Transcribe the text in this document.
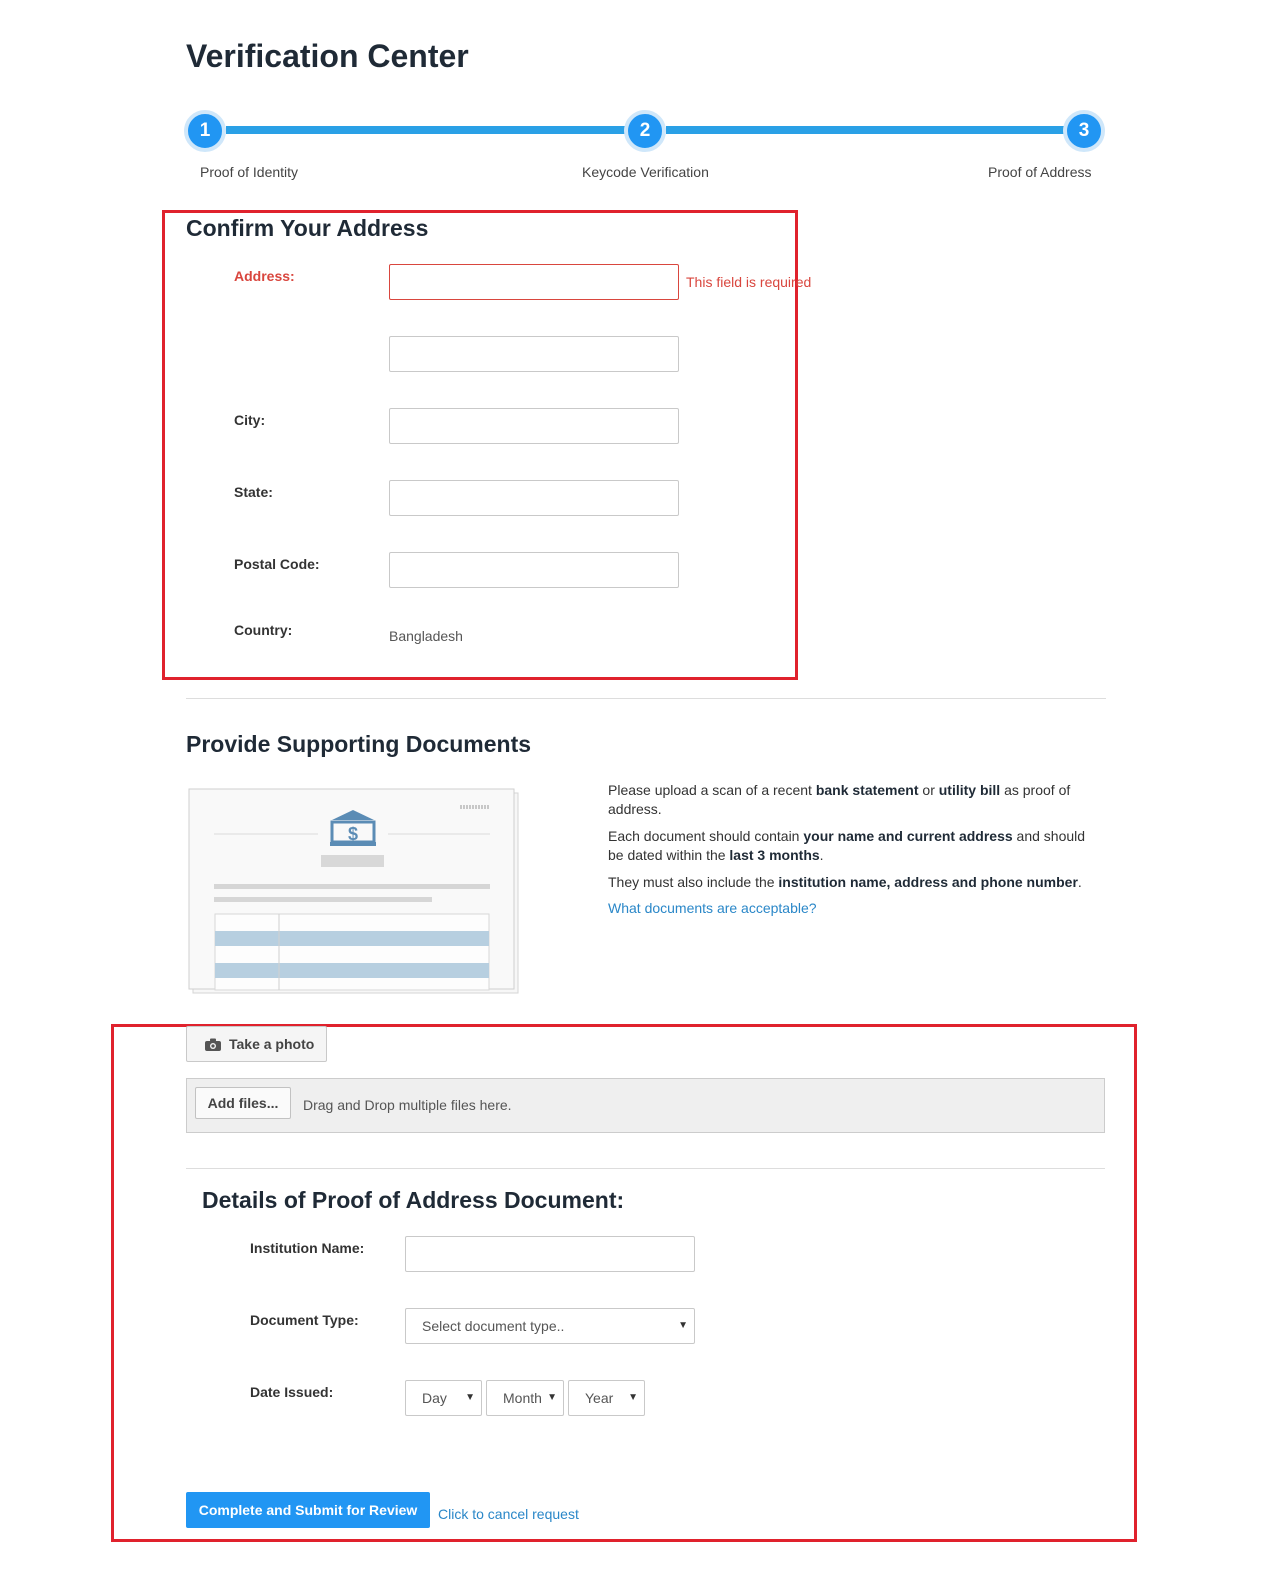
Verification Center
1	2	3
Proof of Identity	Keycode Verification	Proof of Address
Confirm Your Address
Address:	This field is required
City:
State:
Postal Code:
Country:	Bangladesh
Provide Supporting Documents
$

Please upload a scan of a recent bank statement or utility bill as proof of address.

Each document should contain your name and current address and should be dated within the last 3 months.

They must also include the institution name, address and phone number.

What documents are acceptable?
Take a photo
Add files...	Drag and Drop multiple files here.
Details of Proof of Address Document:
Institution Name:
Document Type:	Select document type..	▼
Date Issued:	Day ▼ Month ▼ Year ▼
Complete and Submit for Review	Click to cancel request
